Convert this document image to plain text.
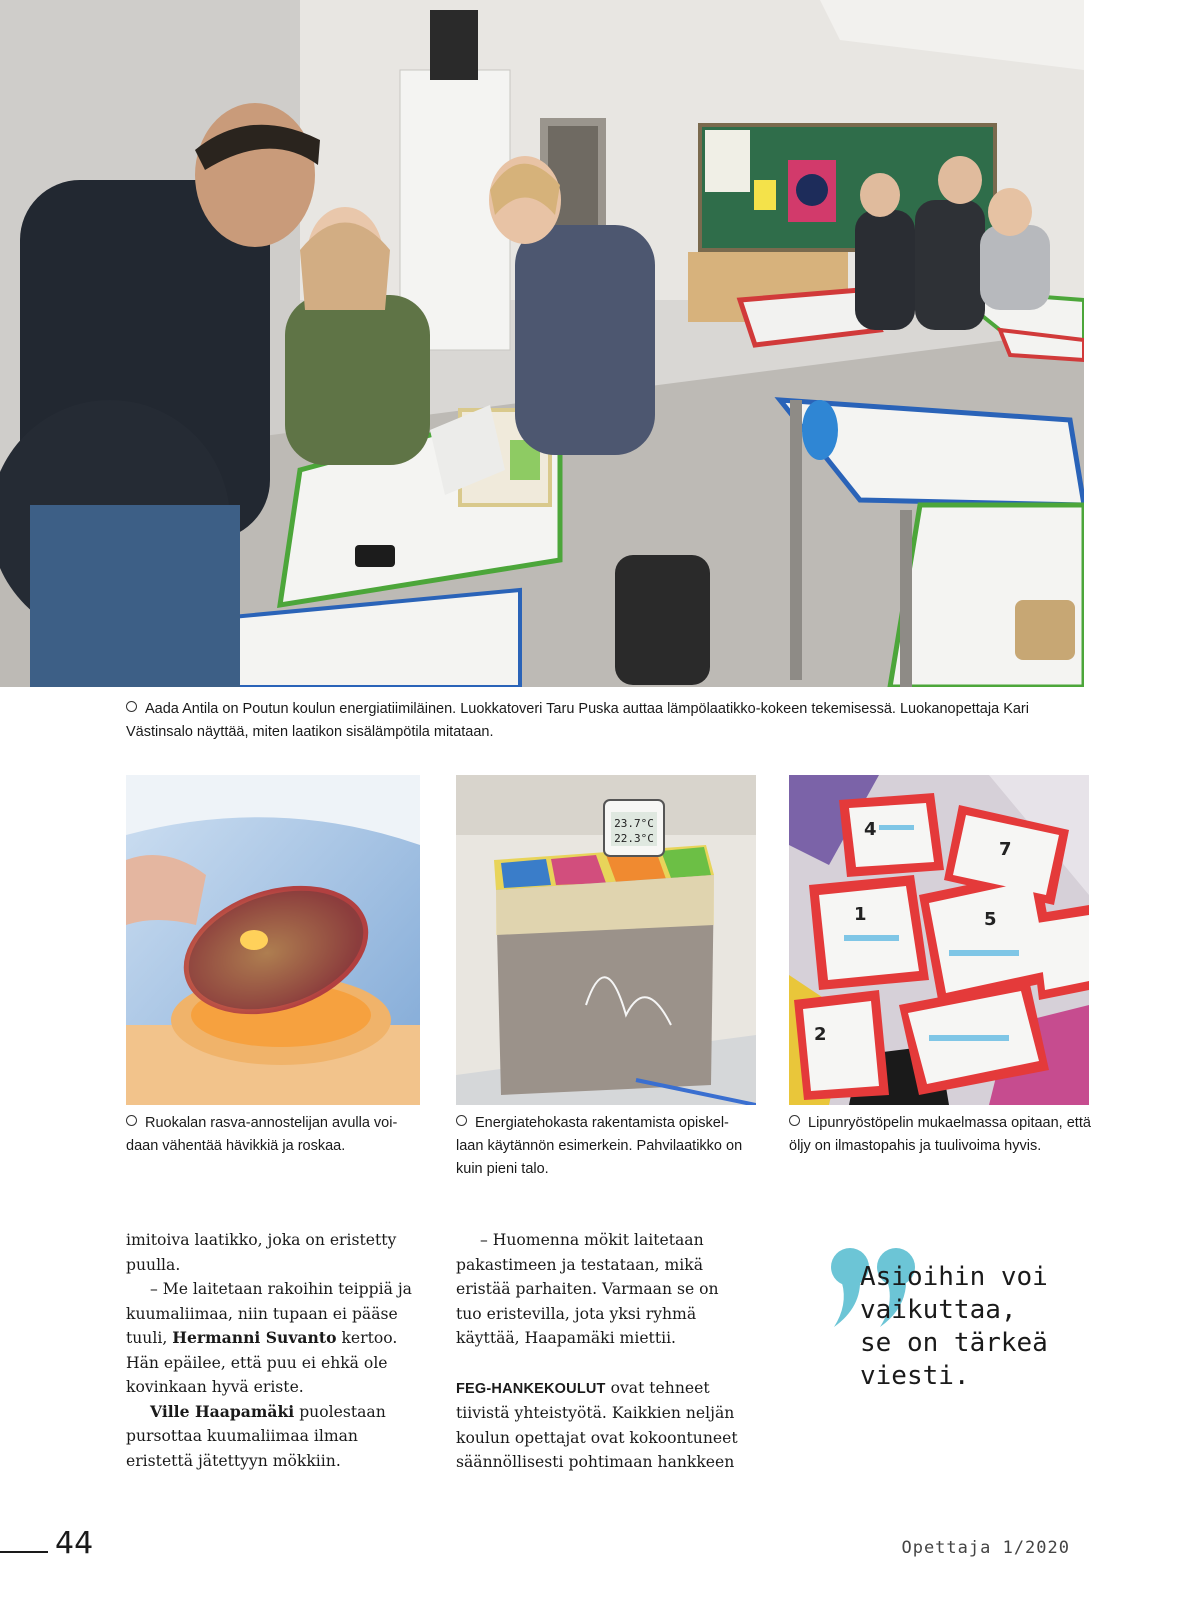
Aada Antila on Poutun koulun energiatiimiläinen. Luokkatoveri Taru Puska auttaa lämpölaatikko-kokeen tekemisessä. Luokanopettaja Kari Västinsalo näyttää, miten laatikon sisälämpötila mitataan.
Ruokalan rasva-annostelijan avulla voi-daan vähentää hävikkiä ja roskaa.
23.7°C
22.3°C
Energiatehokasta rakentamista opiskel-laan käytännön esimerkein. Pahvilaatikko on kuin pieni talo.
4
7
1	5
2
Lipunryöstöpelin mukaelmassa opitaan, että öljy on ilmastopahis ja tuulivoima hyvis.

imitoiva laatikko, joka on eristetty puulla.

– Me laitetaan rakoihin teippiä ja kuumaliimaa, niin tupaan ei pääse tuuli, Hermanni Suvanto kertoo. Hän epäilee, että puu ei ehkä ole kovinkaan hyvä eriste.

Ville Haapamäki puolestaan pursottaa kuumaliimaa ilman eristettä jätettyyn mökkiin.

– Huomenna mökit laitetaan pakastimeen ja testataan, mikä eristää parhaiten. Varmaan se on tuo eristevilla, jota yksi ryhmä käyttää, Haapamäki miettii.

FEG-HANKEKOULUT ovat tehneet tiivistä yhteistyötä. Kaikkien neljän koulun opettajat ovat kokoontuneet säännöllisesti pohtimaan hankkeen

Asioihin voi
vaikuttaa,
se on tärkeä
viesti.
44	Opettaja 1/2020
